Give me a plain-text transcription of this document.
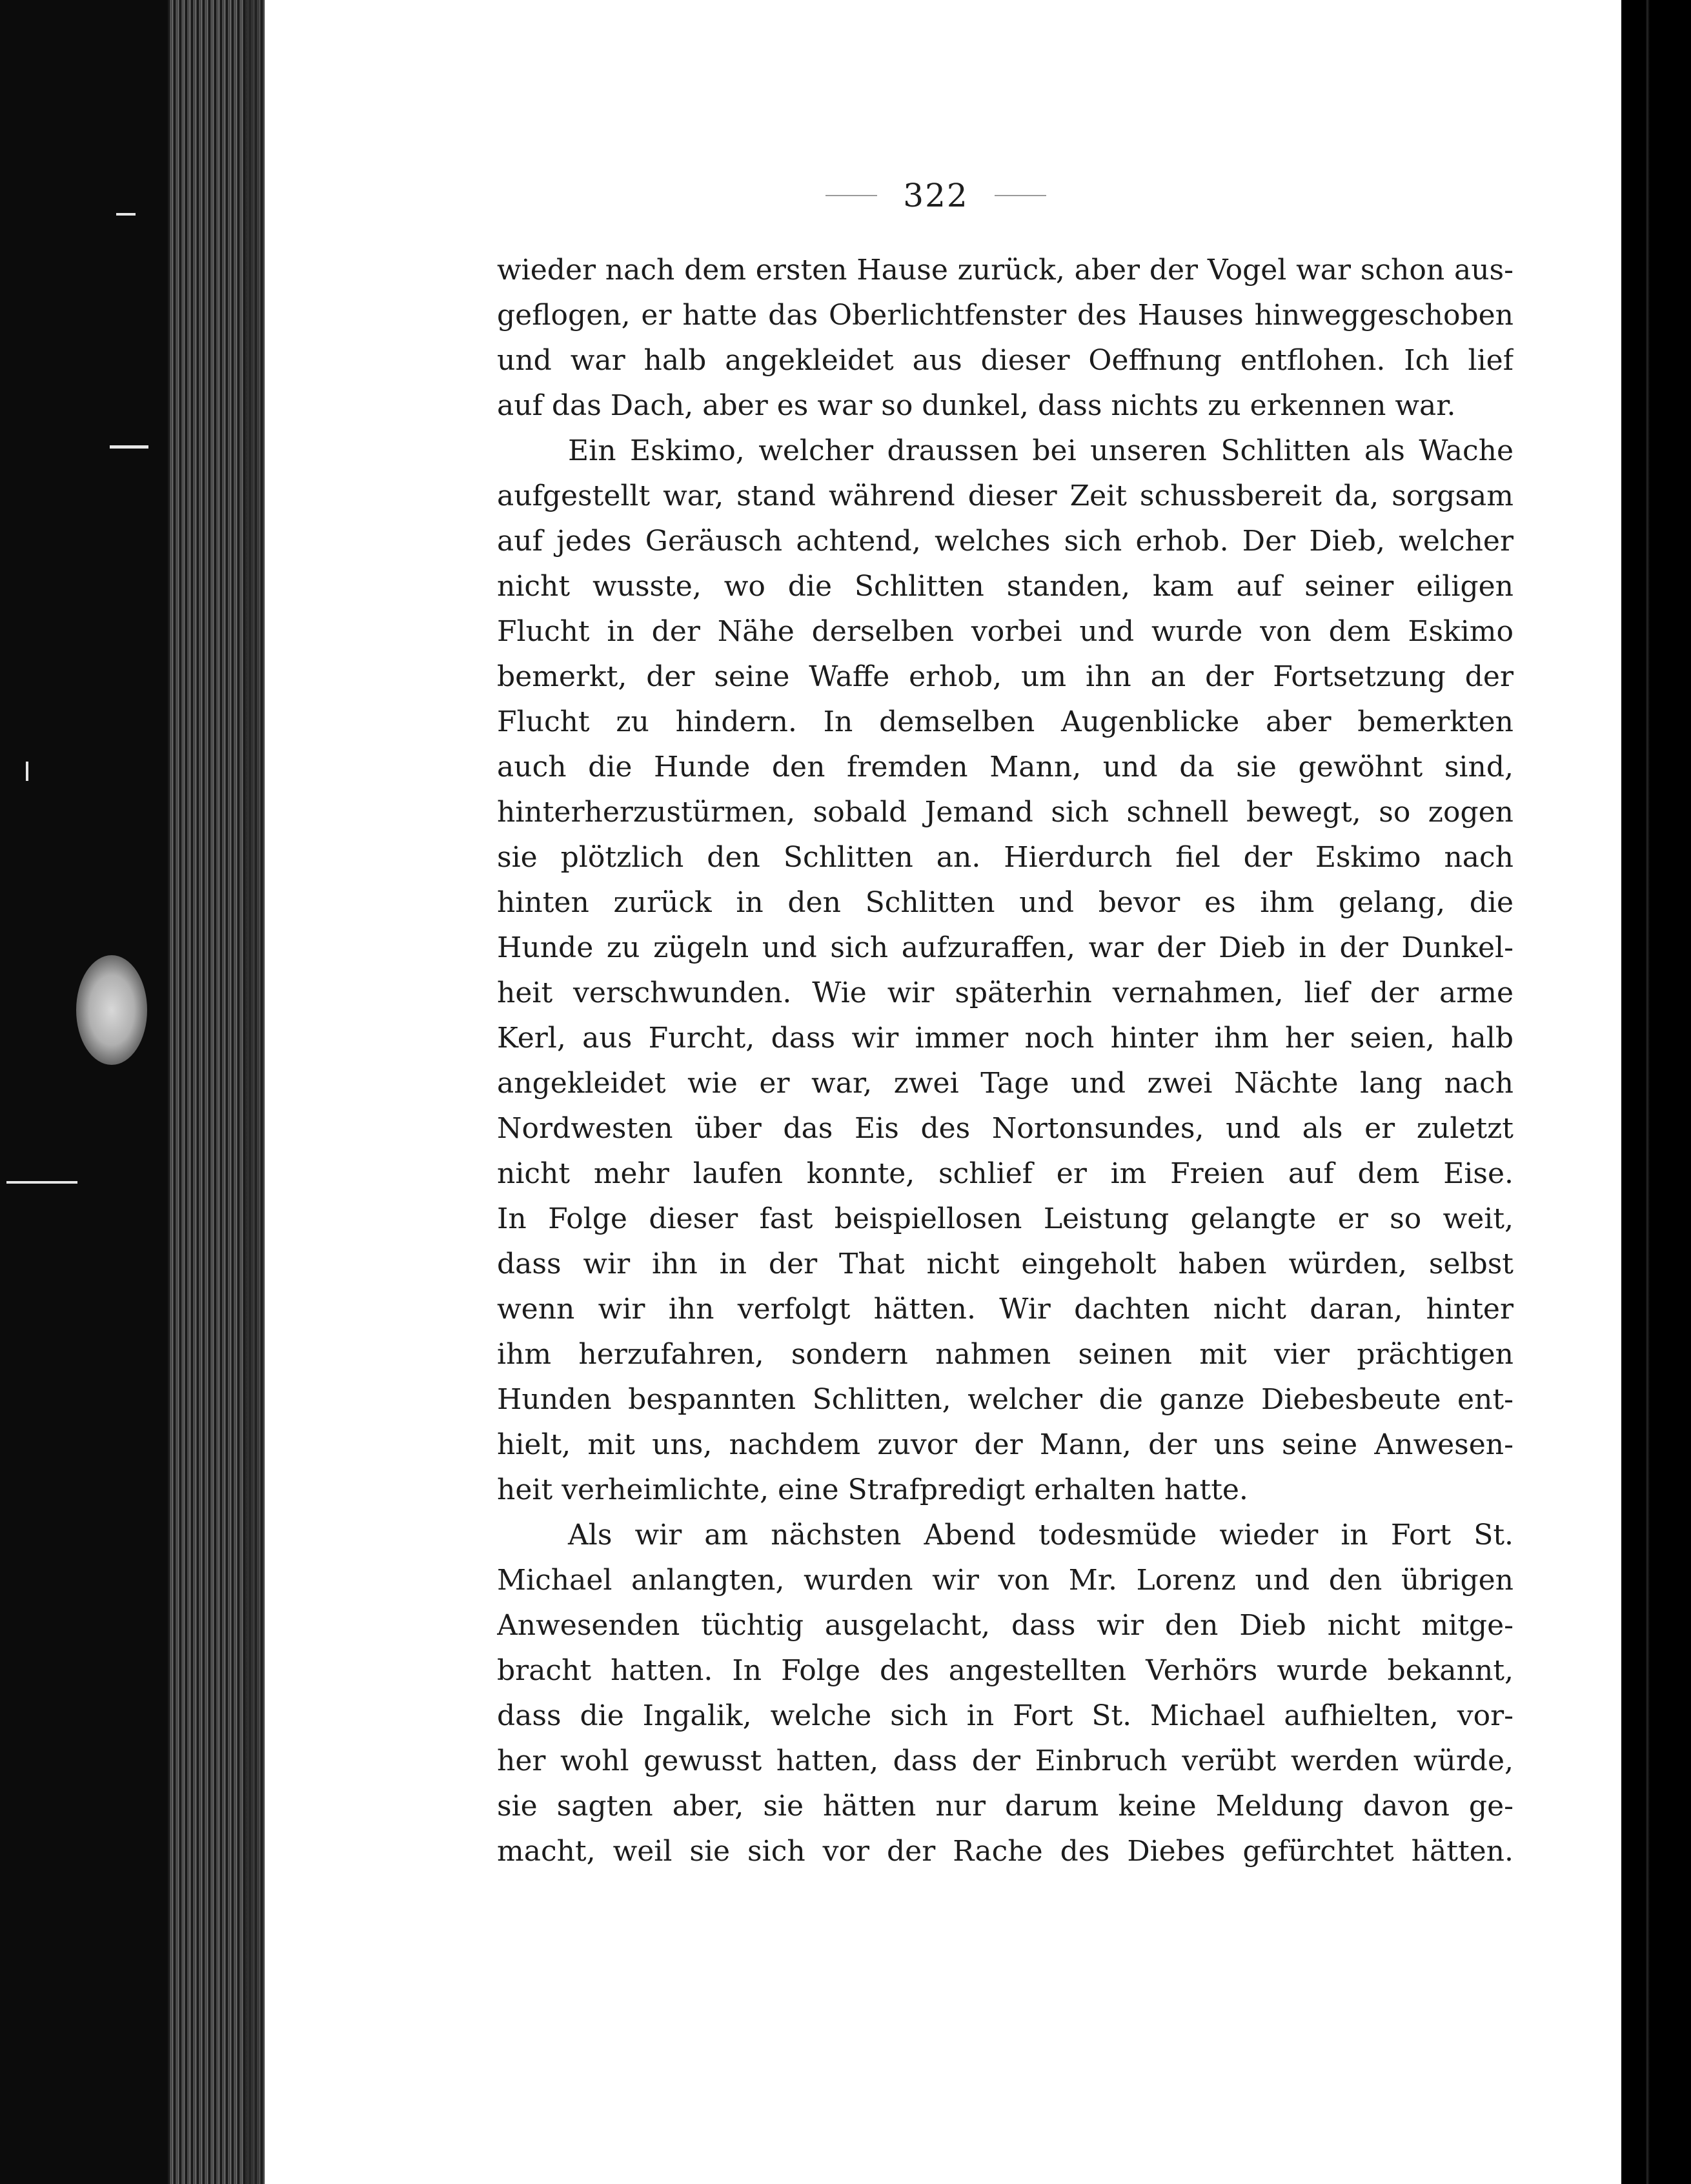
322
wieder nach dem ersten Hause zurück, aber der Vogel war schon aus-
geflogen, er hatte das Oberlichtfenster des Hauses hinweggeschoben
und war halb angekleidet aus dieser Oeffnung entflohen. Ich lief
auf das Dach, aber es war so dunkel, dass nichts zu erkennen war.
Ein Eskimo, welcher draussen bei unseren Schlitten als Wache
aufgestellt war, stand während dieser Zeit schussbereit da, sorgsam
auf jedes Geräusch achtend, welches sich erhob. Der Dieb, welcher
nicht wusste, wo die Schlitten standen, kam auf seiner eiligen
Flucht in der Nähe derselben vorbei und wurde von dem Eskimo
bemerkt, der seine Waffe erhob, um ihn an der Fortsetzung der
Flucht zu hindern. In demselben Augenblicke aber bemerkten
auch die Hunde den fremden Mann, und da sie gewöhnt sind,
hinterherzustürmen, sobald Jemand sich schnell bewegt, so zogen
sie plötzlich den Schlitten an. Hierdurch fiel der Eskimo nach
hinten zurück in den Schlitten und bevor es ihm gelang, die
Hunde zu zügeln und sich aufzuraffen, war der Dieb in der Dunkel-
heit verschwunden. Wie wir späterhin vernahmen, lief der arme
Kerl, aus Furcht, dass wir immer noch hinter ihm her seien, halb
angekleidet wie er war, zwei Tage und zwei Nächte lang nach
Nordwesten über das Eis des Nortonsundes, und als er zuletzt
nicht mehr laufen konnte, schlief er im Freien auf dem Eise.
In Folge dieser fast beispiellosen Leistung gelangte er so weit,
dass wir ihn in der That nicht eingeholt haben würden, selbst
wenn wir ihn verfolgt hätten. Wir dachten nicht daran, hinter
ihm herzufahren, sondern nahmen seinen mit vier prächtigen
Hunden bespannten Schlitten, welcher die ganze Diebesbeute ent-
hielt, mit uns, nachdem zuvor der Mann, der uns seine Anwesen-
heit verheimlichte, eine Strafpredigt erhalten hatte.
Als wir am nächsten Abend todesmüde wieder in Fort St.
Michael anlangten, wurden wir von Mr. Lorenz und den übrigen
Anwesenden tüchtig ausgelacht, dass wir den Dieb nicht mitge-
bracht hatten. In Folge des angestellten Verhörs wurde bekannt,
dass die Ingalik, welche sich in Fort St. Michael aufhielten, vor-
her wohl gewusst hatten, dass der Einbruch verübt werden würde,
sie sagten aber, sie hätten nur darum keine Meldung davon ge-
macht, weil sie sich vor der Rache des Diebes gefürchtet hätten.
